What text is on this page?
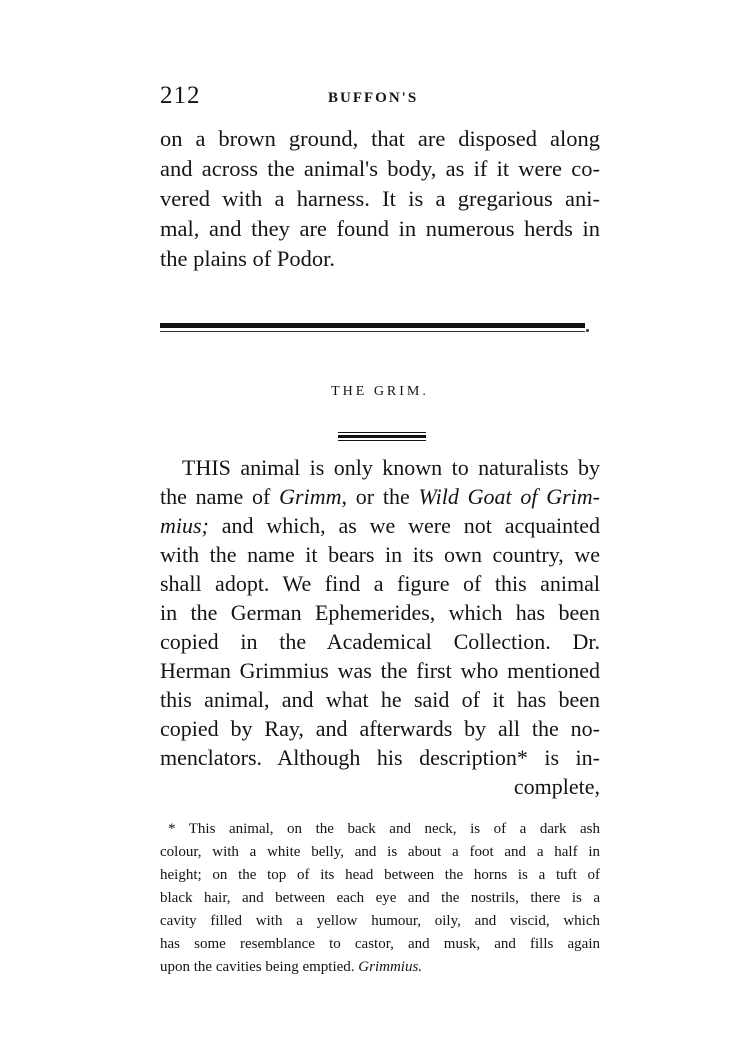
212	BUFFON'S

on a brown ground, that are disposed along
and across the animal's body, as if it were co-
vered with a harness. It is a gregarious ani-
mal, and they are found in numerous herds in
the plains of Podor.

THE GRIM.

THIS animal is only known to naturalists by
the name of Grimm, or the Wild Goat of Grim-
mius; and which, as we were not acquainted
with the name it bears in its own country, we
shall adopt. We find a figure of this animal
in the German Ephemerides, which has been
copied in the Academical Collection. Dr.
Herman Grimmius was the first who mentioned
this animal, and what he said of it has been
copied by Ray, and afterwards by all the no-
menclators. Although his description* is in-
complete,

* This animal, on the back and neck, is of a dark ash
colour, with a white belly, and is about a foot and a half in
height; on the top of its head between the horns is a tuft of
black hair, and between each eye and the nostrils, there is a
cavity filled with a yellow humour, oily, and viscid, which
has some resemblance to castor, and musk, and fills again
upon the cavities being emptied. Grimmius.
